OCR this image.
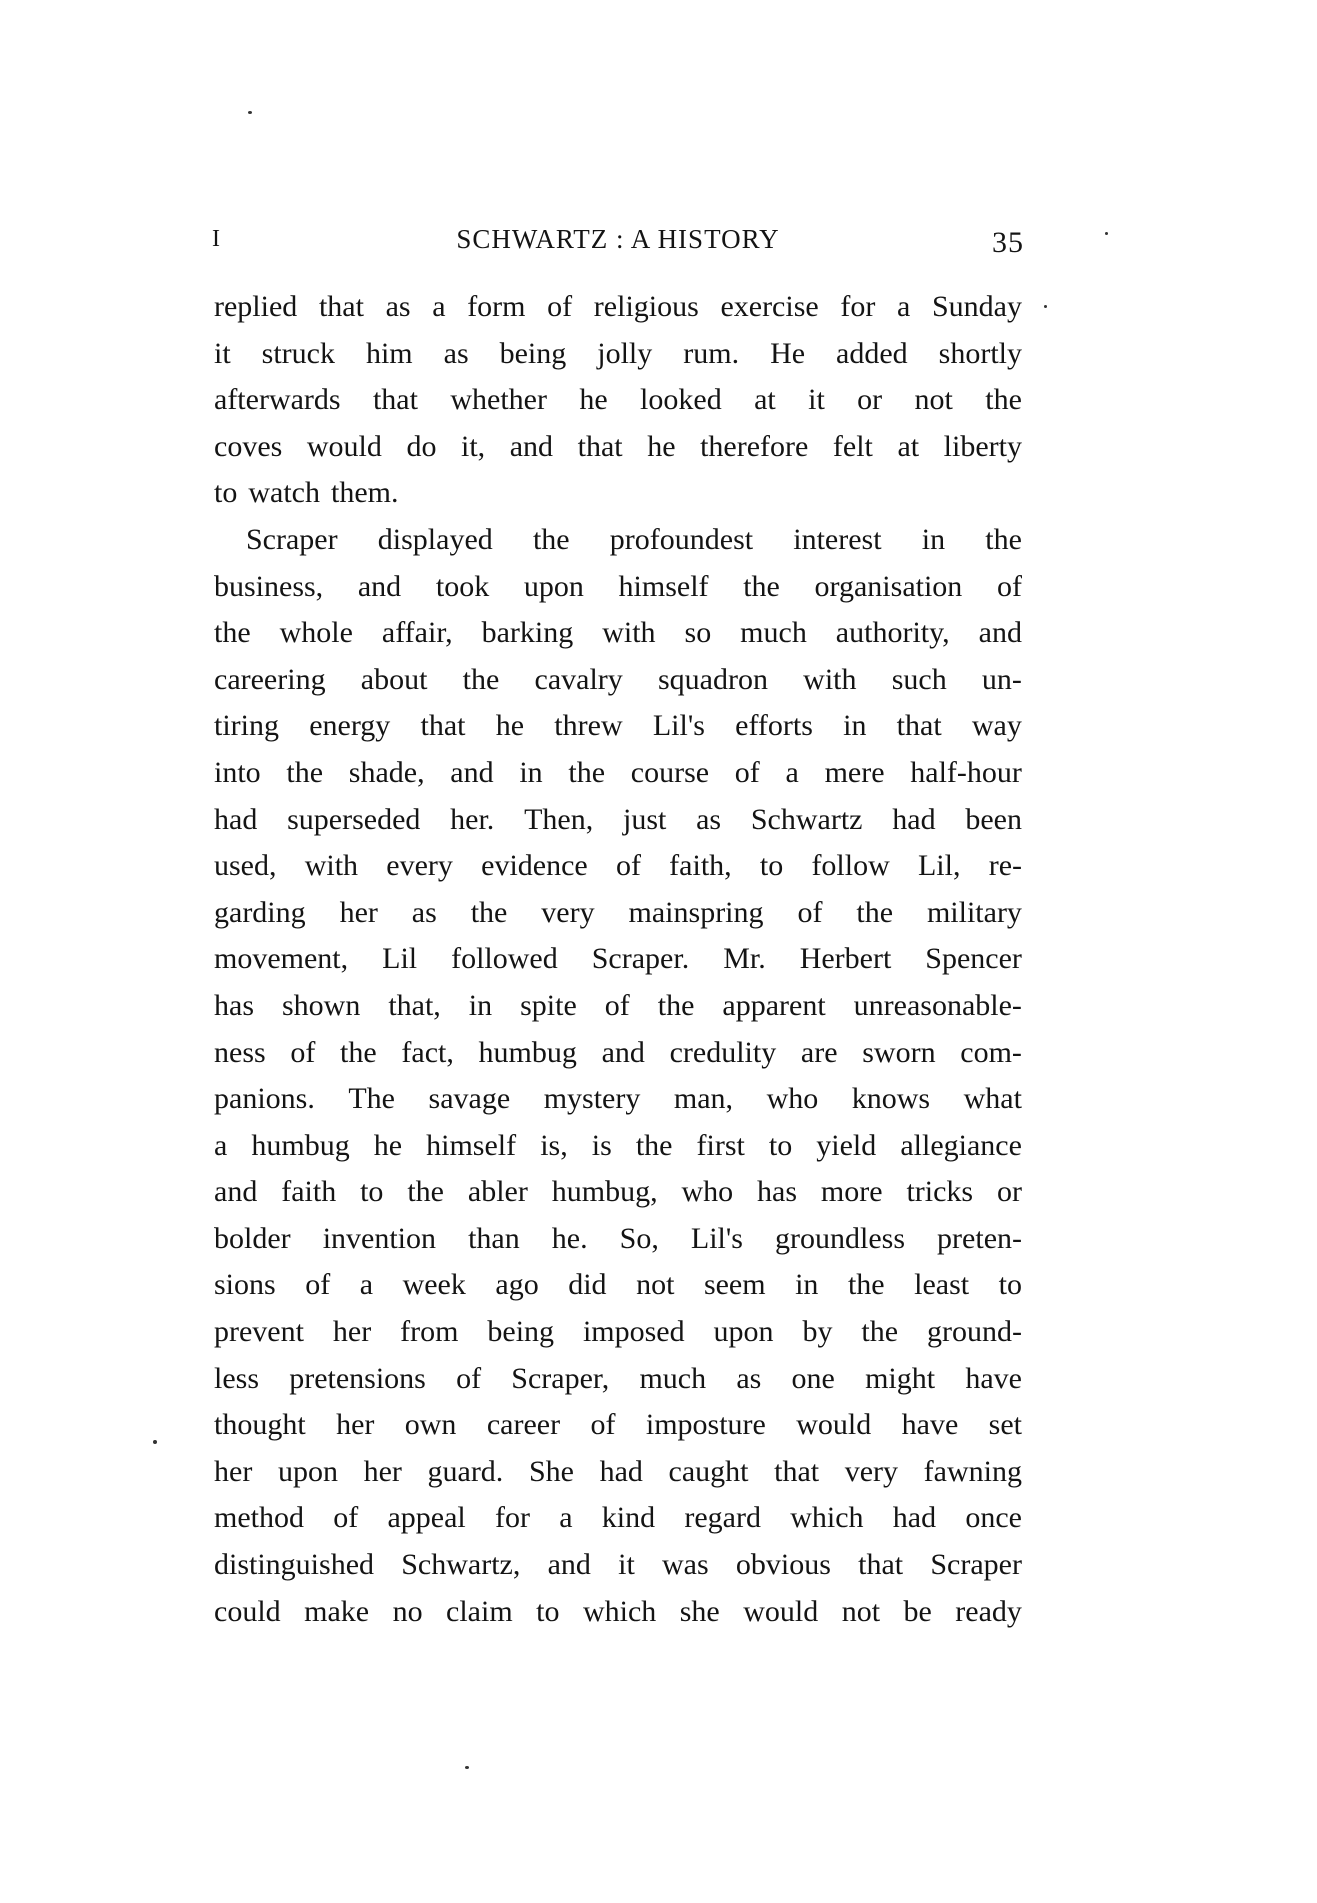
I	SCHWARTZ : A HISTORY	35
replied that as a form of religious exercise for a Sunday
it struck him as being jolly rum. He added shortly
afterwards that whether he looked at it or not the
coves would do it, and that he therefore felt at liberty
to watch them.
Scraper displayed the profoundest interest in the
business, and took upon himself the organisation of
the whole affair, barking with so much authority, and
careering about the cavalry squadron with such un-
tiring energy that he threw Lil's efforts in that way
into the shade, and in the course of a mere half-hour
had superseded her. Then, just as Schwartz had been
used, with every evidence of faith, to follow Lil, re-
garding her as the very mainspring of the military
movement, Lil followed Scraper. Mr. Herbert Spencer
has shown that, in spite of the apparent unreasonable-
ness of the fact, humbug and credulity are sworn com-
panions. The savage mystery man, who knows what
a humbug he himself is, is the first to yield allegiance
and faith to the abler humbug, who has more tricks or
bolder invention than he. So, Lil's groundless preten-
sions of a week ago did not seem in the least to
prevent her from being imposed upon by the ground-
less pretensions of Scraper, much as one might have
thought her own career of imposture would have set
her upon her guard. She had caught that very fawning
method of appeal for a kind regard which had once
distinguished Schwartz, and it was obvious that Scraper
could make no claim to which she would not be ready
